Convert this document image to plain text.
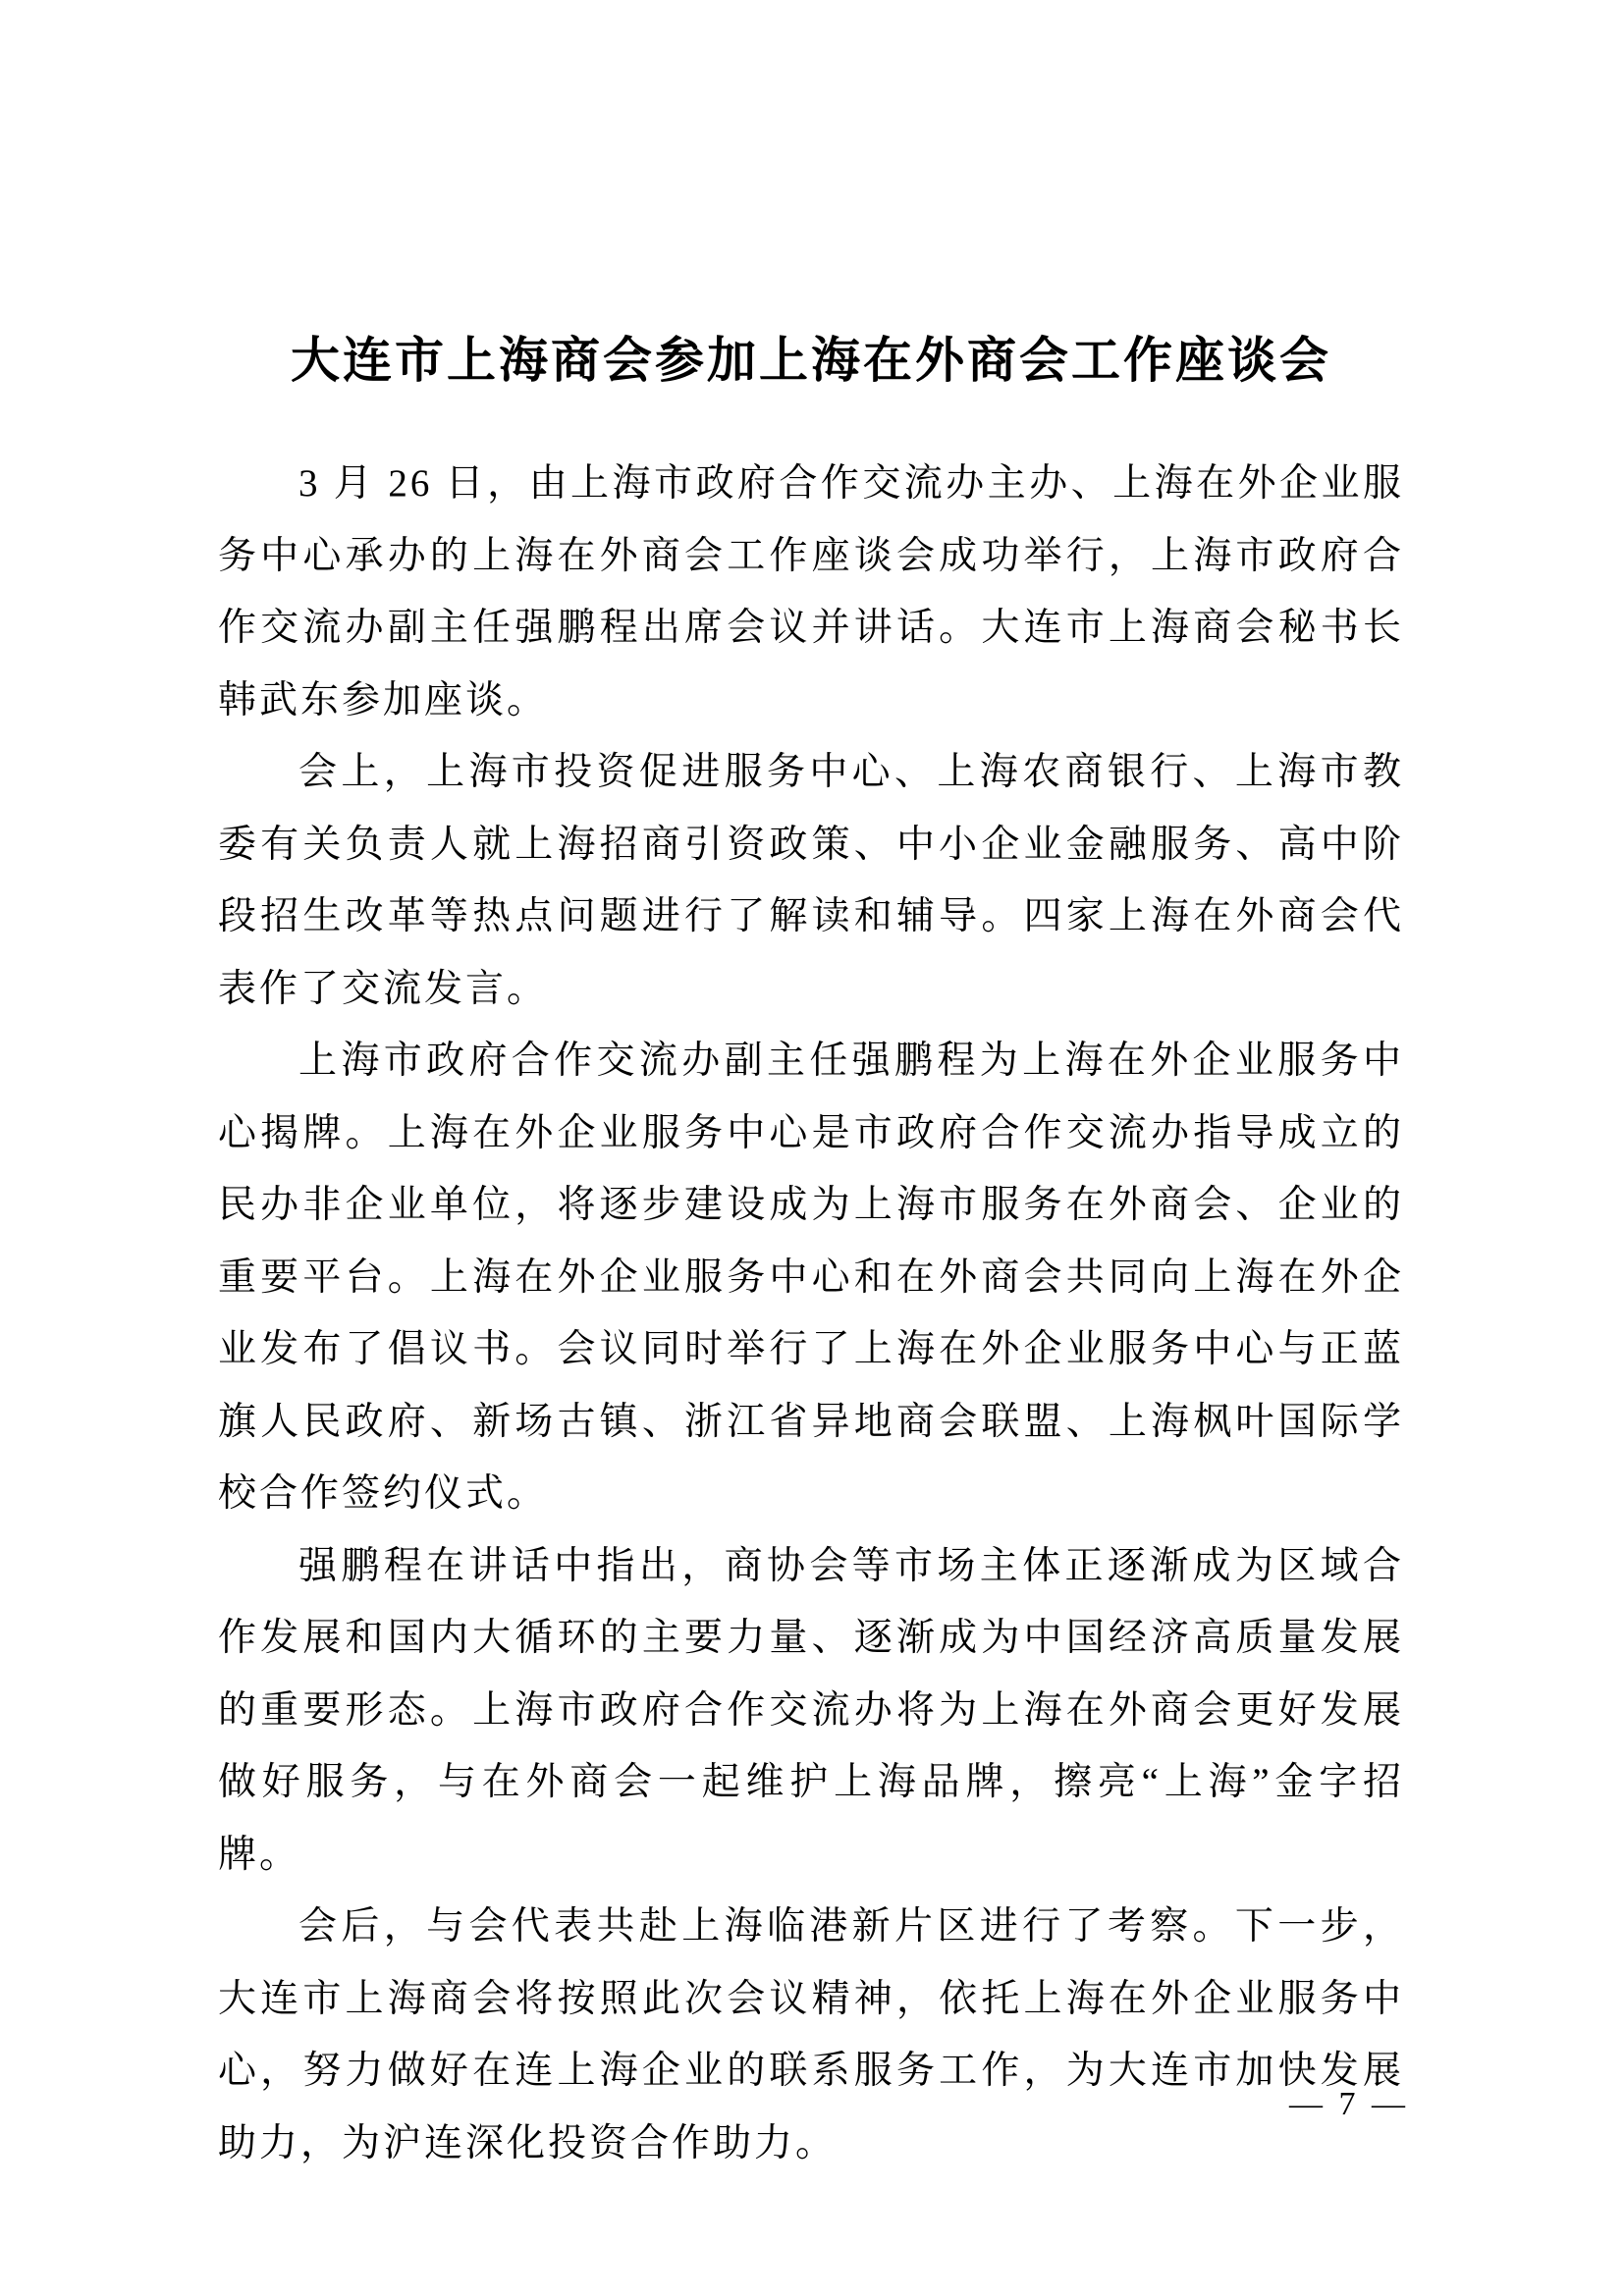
大连市上海商会参加上海在外商会工作座谈会

3 月 26 日，由上海市政府合作交流办主办、上海在外企业服务中心承办的上海在外商会工作座谈会成功举行，上海市政府合作交流办副主任强鹏程出席会议并讲话。大连市上海商会秘书长韩武东参加座谈。

会上，上海市投资促进服务中心、上海农商银行、上海市教委有关负责人就上海招商引资政策、中小企业金融服务、高中阶段招生改革等热点问题进行了解读和辅导。四家上海在外商会代表作了交流发言。

上海市政府合作交流办副主任强鹏程为上海在外企业服务中心揭牌。上海在外企业服务中心是市政府合作交流办指导成立的民办非企业单位，将逐步建设成为上海市服务在外商会、企业的重要平台。上海在外企业服务中心和在外商会共同向上海在外企业发布了倡议书。会议同时举行了上海在外企业服务中心与正蓝旗人民政府、新场古镇、浙江省异地商会联盟、上海枫叶国际学校合作签约仪式。

强鹏程在讲话中指出，商协会等市场主体正逐渐成为区域合作发展和国内大循环的主要力量、逐渐成为中国经济高质量发展的重要形态。上海市政府合作交流办将为上海在外商会更好发展做好服务，与在外商会一起维护上海品牌，擦亮“上海”金字招牌。

会后，与会代表共赴上海临港新片区进行了考察。下一步，大连市上海商会将按照此次会议精神，依托上海在外企业服务中心，努力做好在连上海企业的联系服务工作，为大连市加快发展助力，为沪连深化投资合作助力。

— 7 —
